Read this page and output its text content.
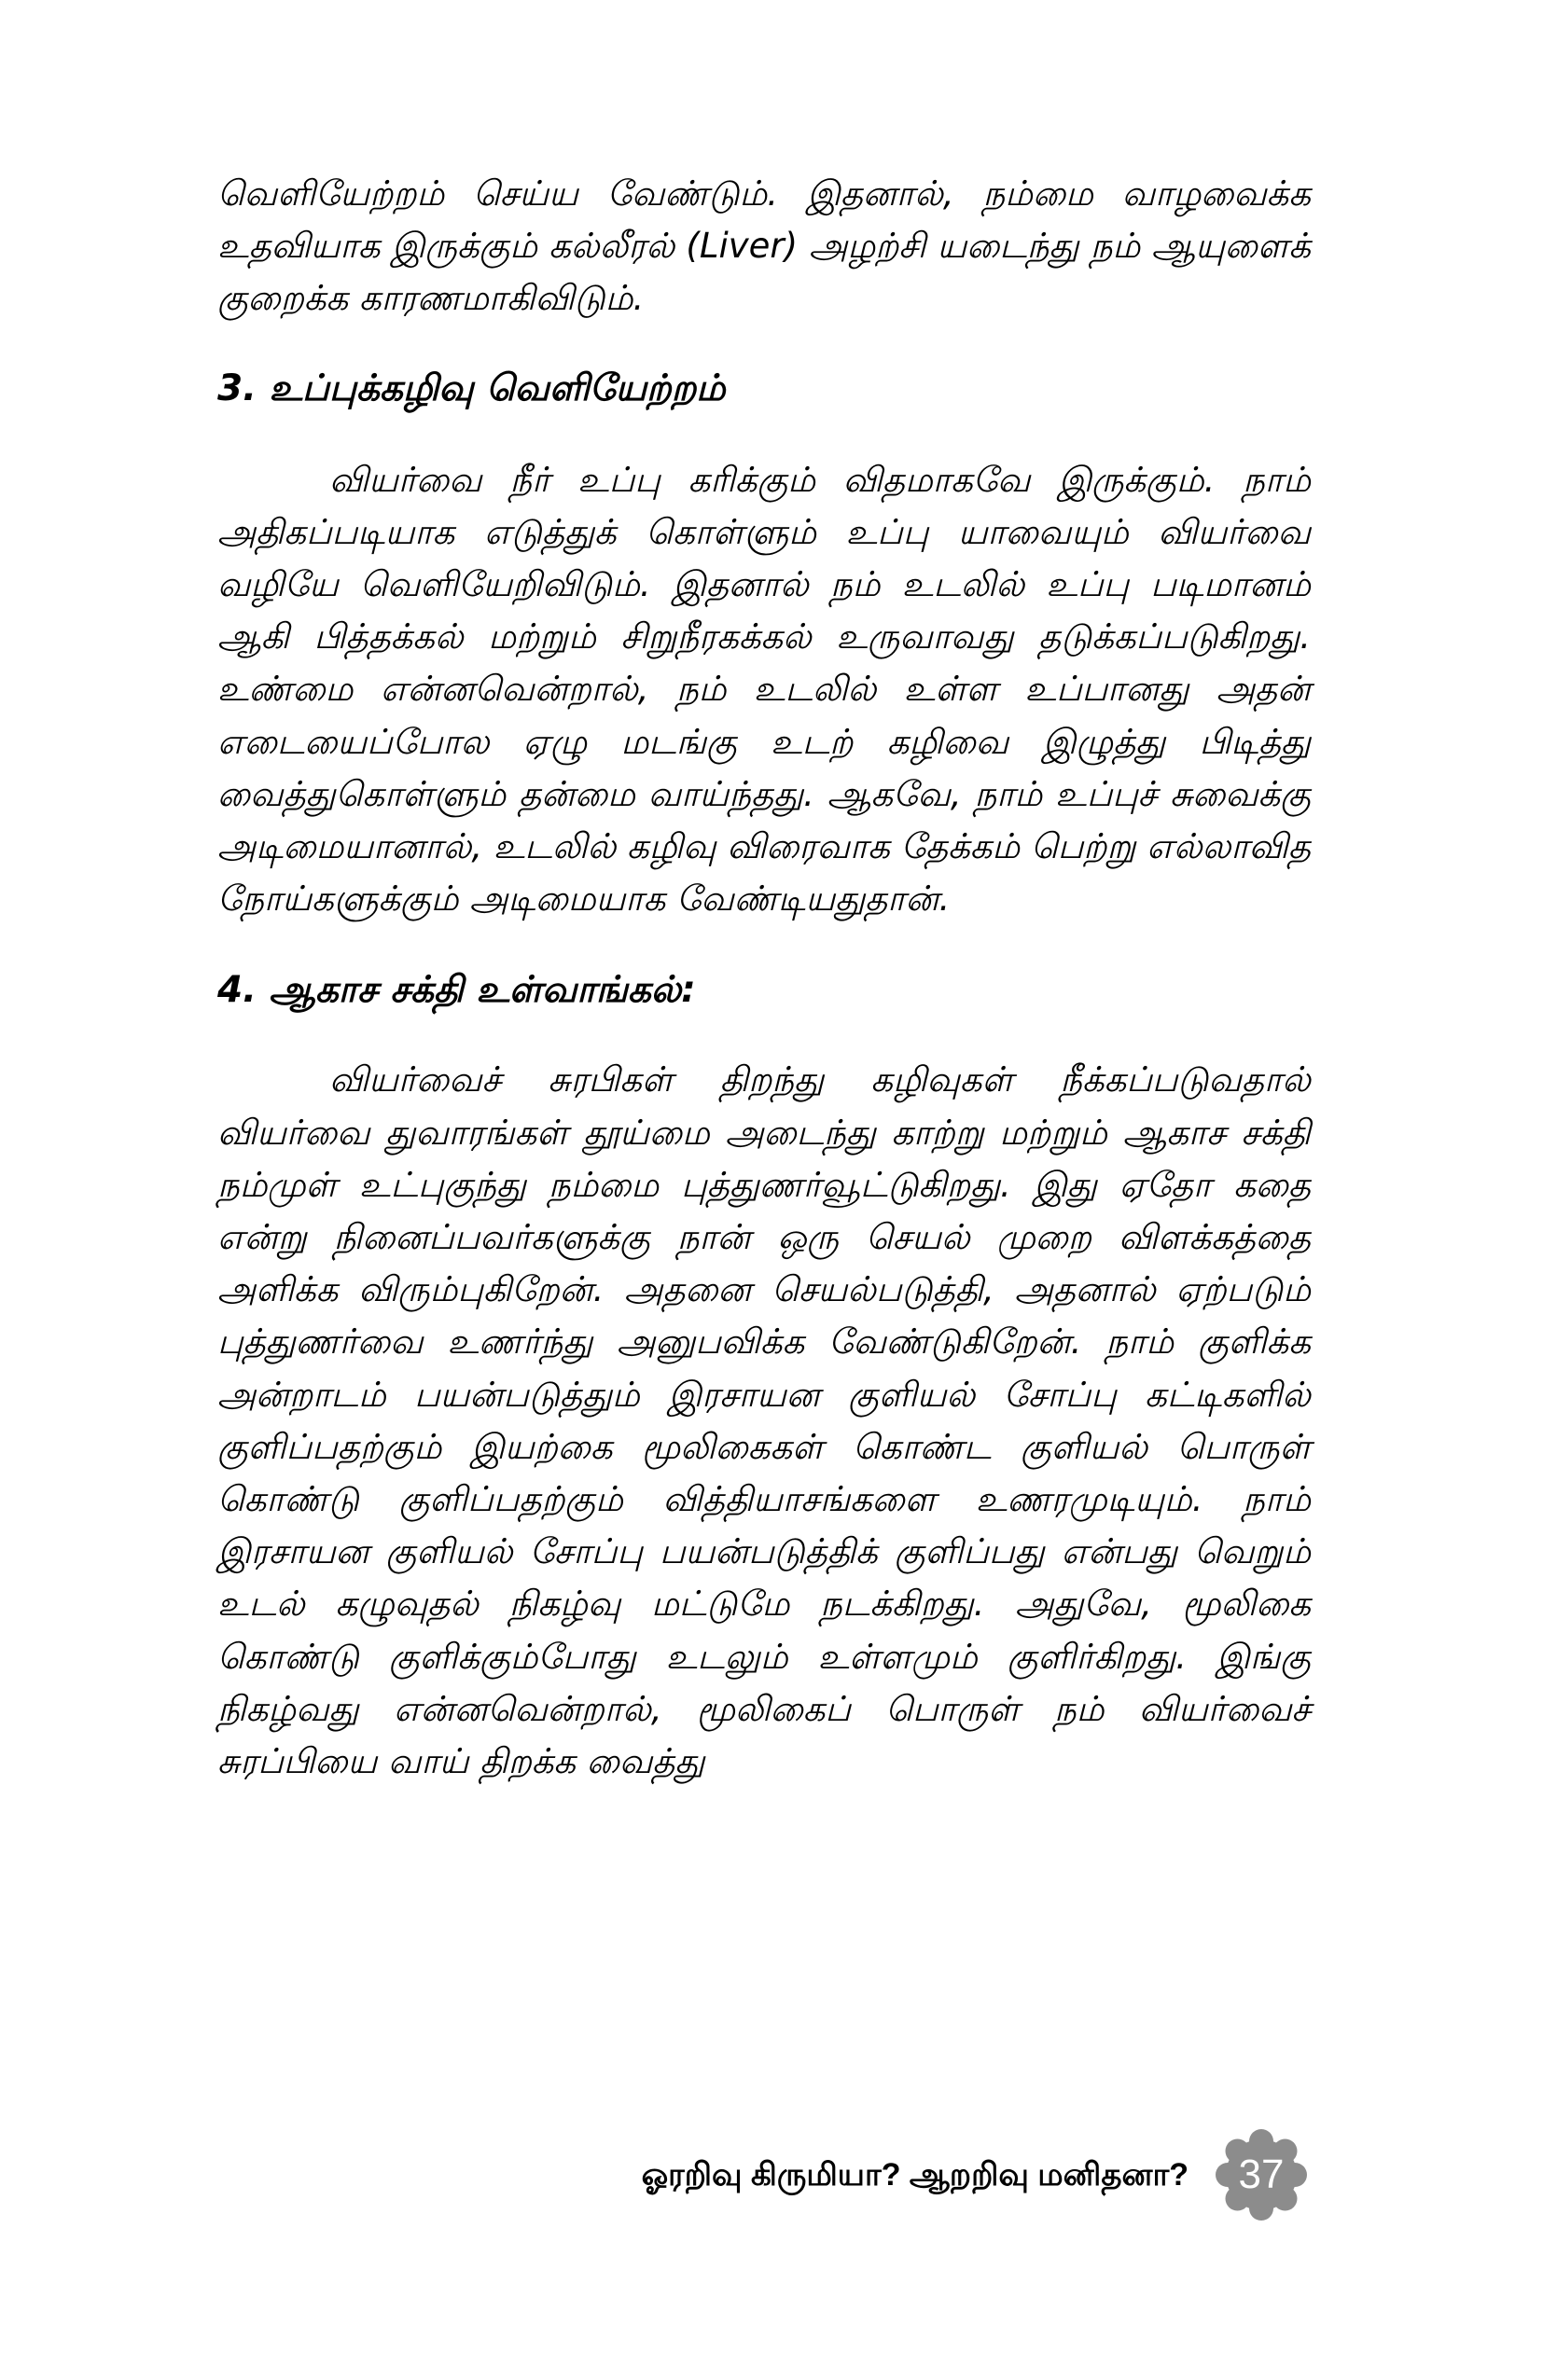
வெளியேற்றம் செய்ய வேண்டும். இதனால், நம்மை வாழவைக்க உதவியாக இருக்கும் கல்லீரல் (Liver) அழற்சி யடைந்து நம் ஆயுளைக் குறைக்க காரணமாகிவிடும்.

3. உப்புக்கழிவு வெளியேற்றம்

வியர்வை நீர் உப்பு கரிக்கும் விதமாகவே இருக்கும். நாம் அதிகப்படியாக எடுத்துக் கொள்ளும் உப்பு யாவையும் வியர்வை வழியே வெளியேறிவிடும். இதனால் நம் உடலில் உப்பு படிமானம் ஆகி பித்தக்கல் மற்றும் சிறுநீரகக்கல் உருவாவது தடுக்கப்படுகிறது. உண்மை என்னவென்றால், நம் உடலில் உள்ள உப்பானது அதன் எடையைப்போல ஏழு மடங்கு உடற் கழிவை இழுத்து பிடித்து வைத்துகொள்ளும் தன்மை வாய்ந்தது. ஆகவே, நாம் உப்புச் சுவைக்கு அடிமையானால், உடலில் கழிவு விரைவாக தேக்கம் பெற்று எல்லாவித நோய்களுக்கும் அடிமையாக வேண்டியதுதான்.

4. ஆகாச சக்தி உள்வாங்கல்:

வியர்வைச் சுரபிகள் திறந்து கழிவுகள் நீக்கப்படுவதால் வியர்வை துவாரங்கள் தூய்மை அடைந்து காற்று மற்றும் ஆகாச சக்தி நம்முள் உட்புகுந்து நம்மை புத்துணர்வூட்டுகிறது. இது ஏதோ கதை என்று நினைப்பவர்களுக்கு நான் ஒரு செயல் முறை விளக்கத்தை அளிக்க விரும்புகிறேன். அதனை செயல்படுத்தி, அதனால் ஏற்படும் புத்துணர்வை உணர்ந்து அனுபவிக்க வேண்டுகிறேன். நாம் குளிக்க அன்றாடம் பயன்படுத்தும் இரசாயன குளியல் சோப்பு கட்டிகளில் குளிப்பதற்கும் இயற்கை மூலிகைகள் கொண்ட குளியல் பொருள் கொண்டு குளிப்பதற்கும் வித்தியாசங்களை உணரமுடியும். நாம் இரசாயன குளியல் சோப்பு பயன்படுத்திக் குளிப்பது என்பது வெறும் உடல் கழுவுதல் நிகழ்வு மட்டுமே நடக்கிறது. அதுவே, மூலிகை கொண்டு குளிக்கும்போது உடலும் உள்ளமும் குளிர்கிறது. இங்கு நிகழ்வது என்னவென்றால், மூலிகைப் பொருள் நம் வியர்வைச் சுரப்பியை வாய் திறக்க வைத்து

ஓரறிவு கிருமியா? ஆறறிவு மனிதனா?	37
